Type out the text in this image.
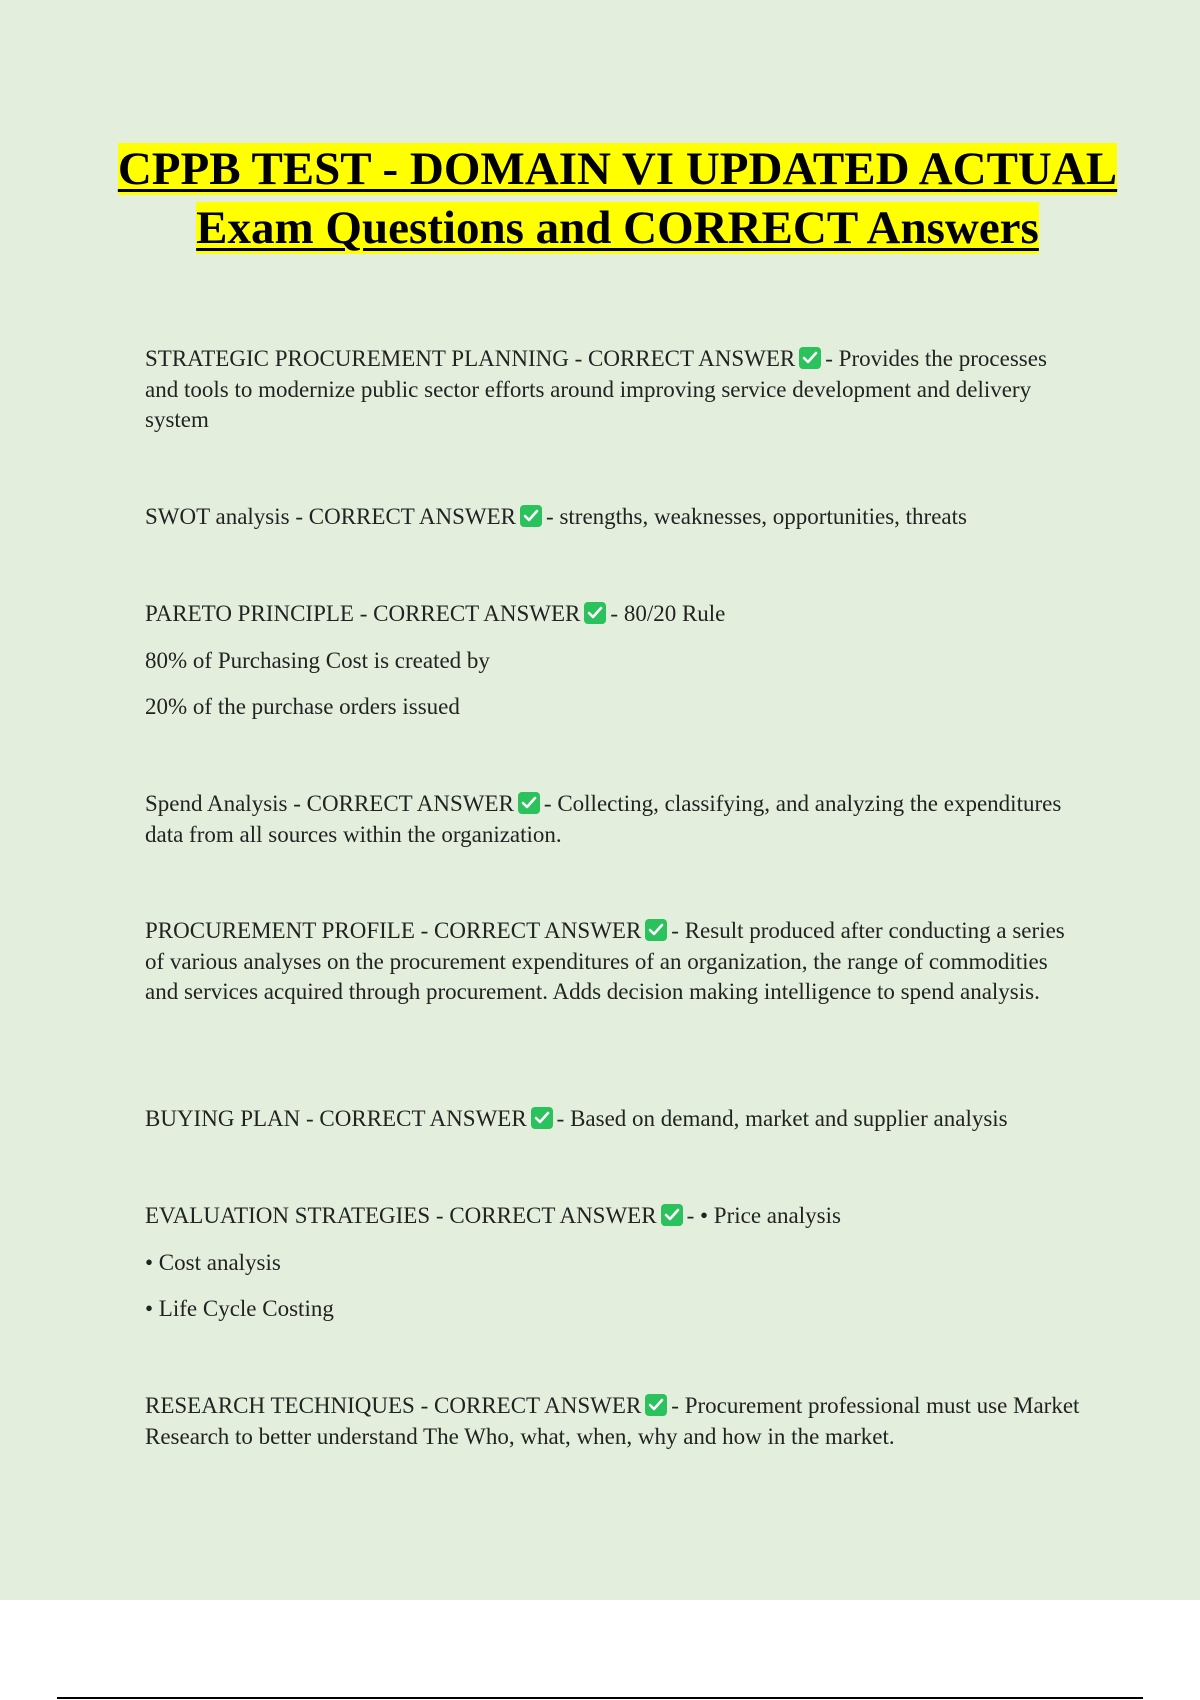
CPPB TEST - DOMAIN VI UPDATED ACTUAL Exam Questions and CORRECT Answers

STRATEGIC PROCUREMENT PLANNING - CORRECT ANSWER - Provides the processes and tools to modernize public sector efforts around improving service development and delivery system

SWOT analysis - CORRECT ANSWER - strengths, weaknesses, opportunities, threats

PARETO PRINCIPLE - CORRECT ANSWER - 80/20 Rule

80% of Purchasing Cost is created by

20% of the purchase orders issued

Spend Analysis - CORRECT ANSWER - Collecting, classifying, and analyzing the expenditures data from all sources within the organization.

PROCUREMENT PROFILE - CORRECT ANSWER - Result produced after conducting a series of various analyses on the procurement expenditures of an organization, the range of commodities and services acquired through procurement. Adds decision making intelligence to spend analysis.

BUYING PLAN - CORRECT ANSWER - Based on demand, market and supplier analysis

EVALUATION STRATEGIES - CORRECT ANSWER - • Price analysis

• Cost analysis

• Life Cycle Costing

RESEARCH TECHNIQUES - CORRECT ANSWER - Procurement professional must use Market Research to better understand The Who, what, when, why and how in the market.
